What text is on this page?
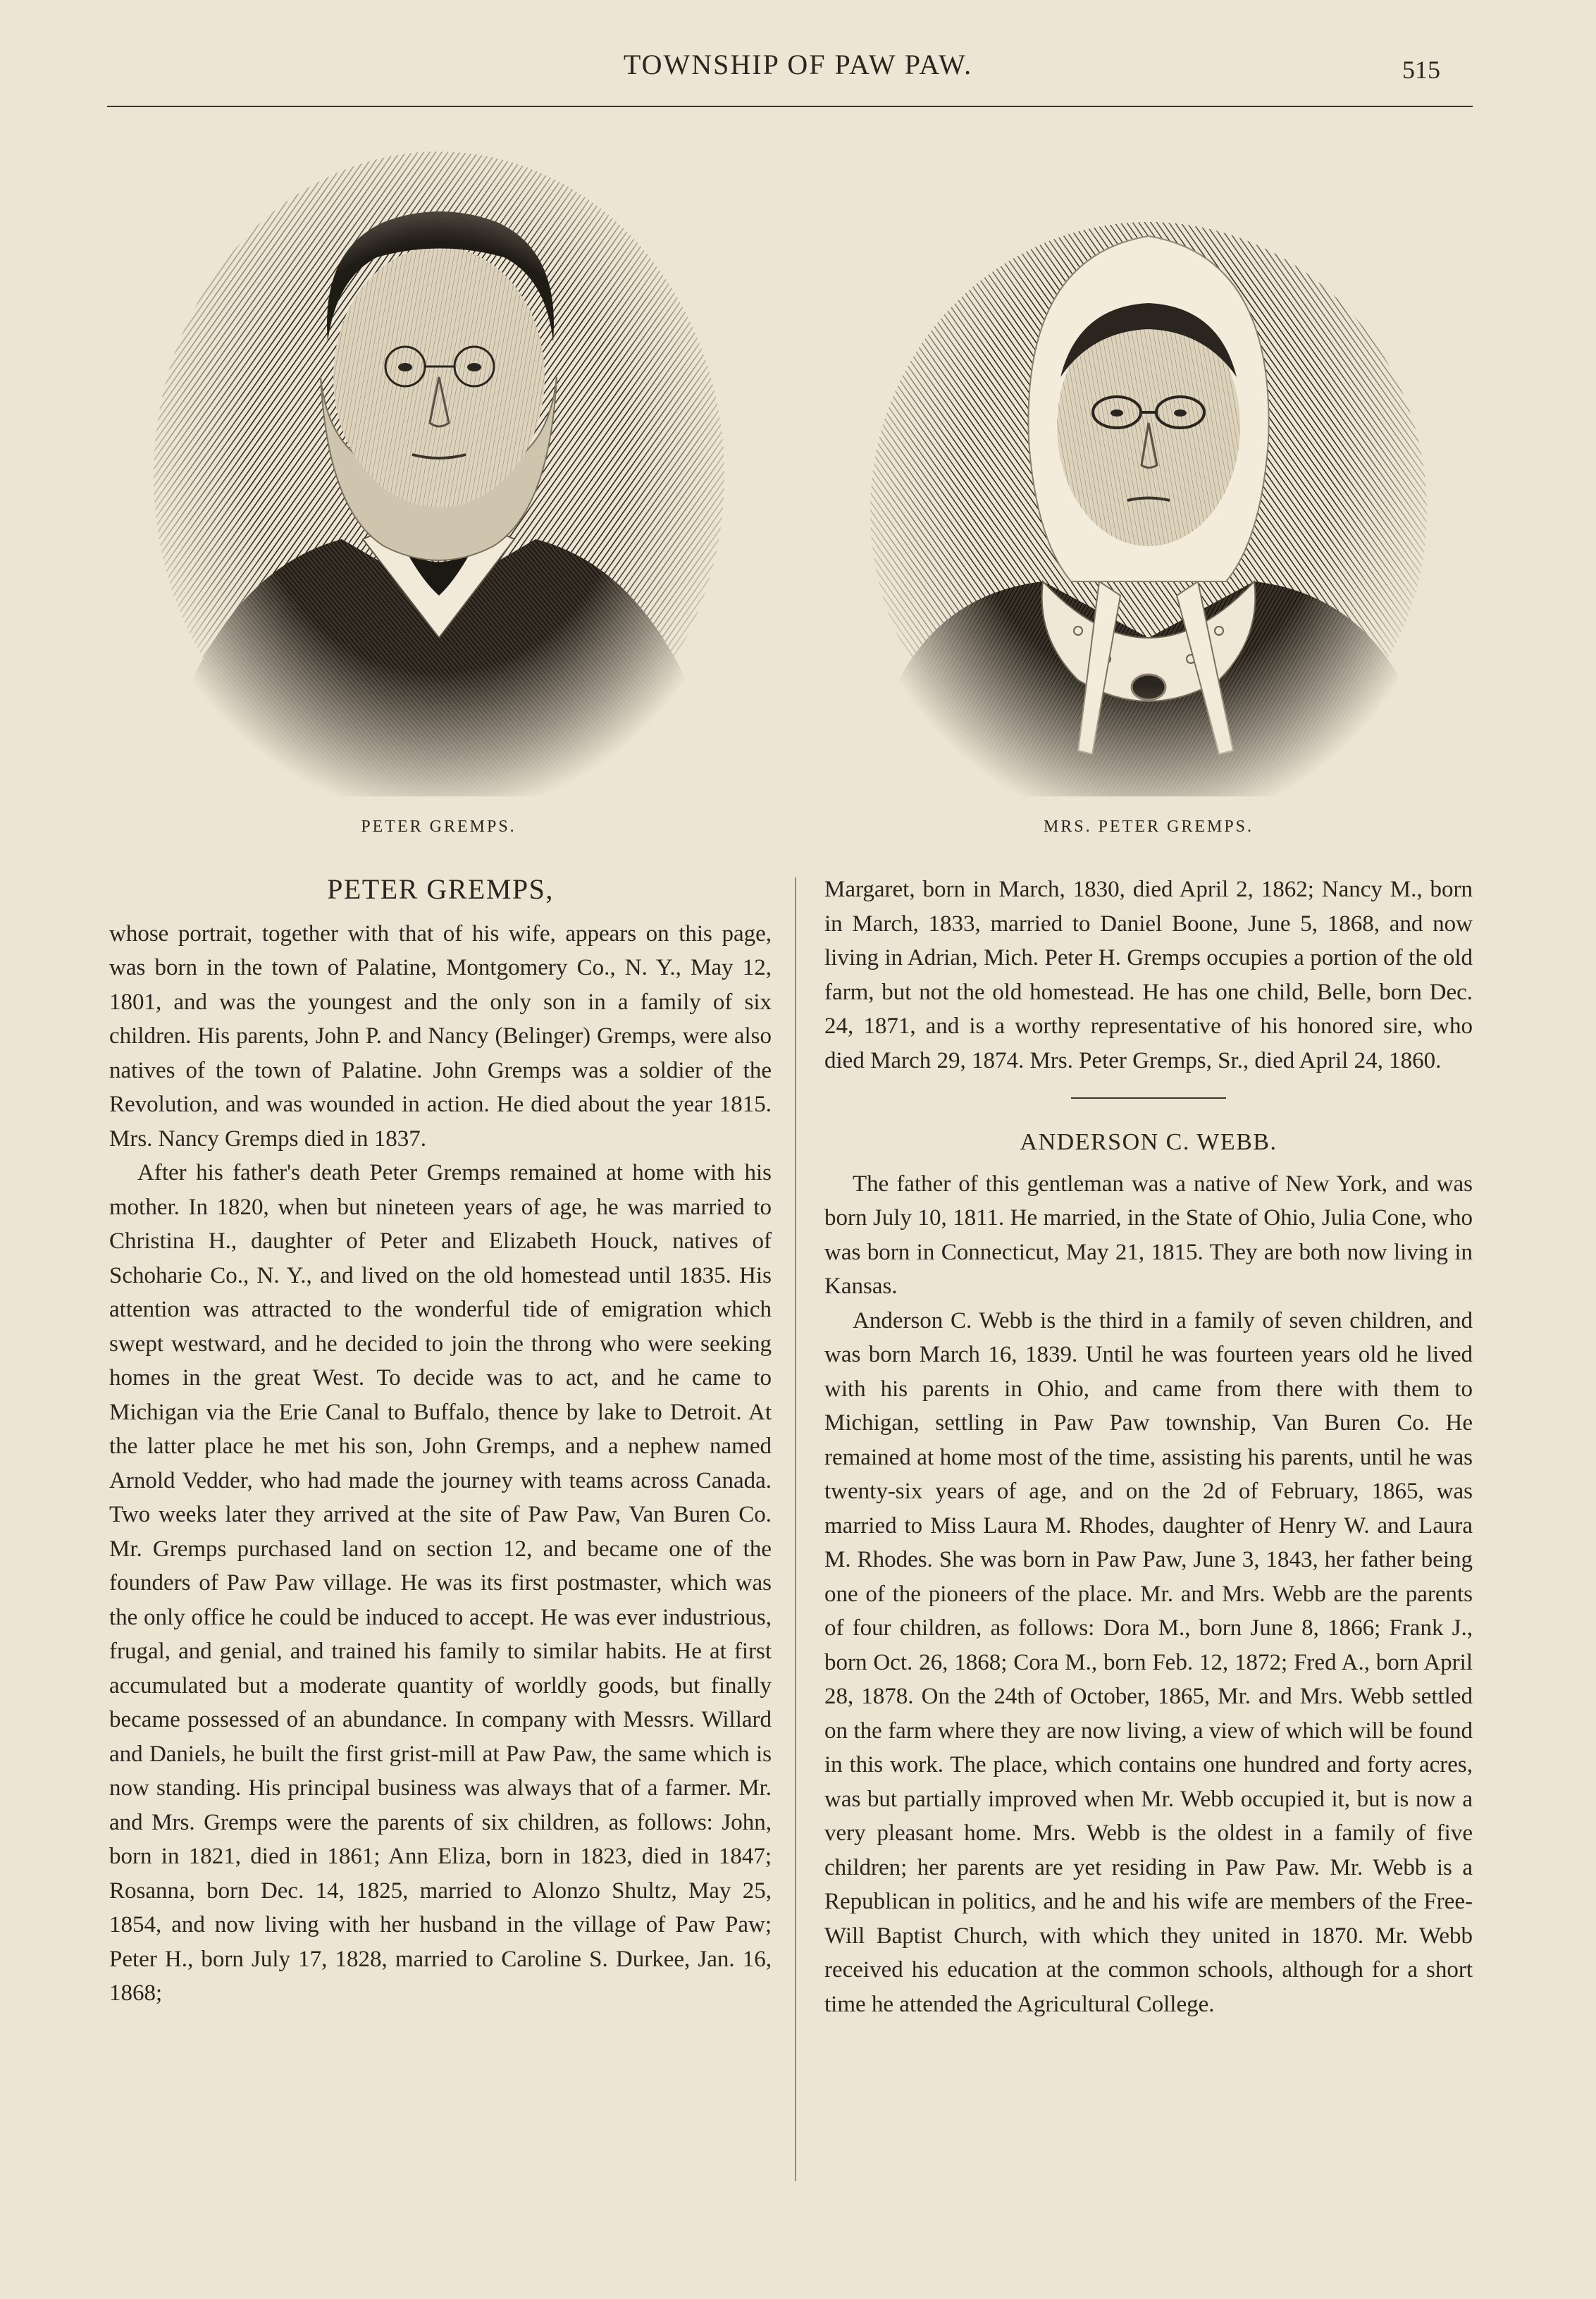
TOWNSHIP OF PAW PAW.	515
PETER GREMPS.	MRS. PETER GREMPS.
PETER GREMPS,

whose portrait, together with that of his wife, appears on this page, was born in the town of Palatine, Montgomery Co., N. Y., May 12, 1801, and was the youngest and the only son in a family of six children. His parents, John P. and Nancy (Belinger) Gremps, were also natives of the town of Palatine. John Gremps was a soldier of the Revolution, and was wounded in action. He died about the year 1815. Mrs. Nancy Gremps died in 1837.

After his father's death Peter Gremps remained at home with his mother. In 1820, when but nineteen years of age, he was married to Christina H., daughter of Peter and Elizabeth Houck, natives of Schoharie Co., N. Y., and lived on the old homestead until 1835. His attention was attracted to the wonderful tide of emigration which swept westward, and he decided to join the throng who were seeking homes in the great West. To decide was to act, and he came to Michigan via the Erie Canal to Buffalo, thence by lake to Detroit. At the latter place he met his son, John Gremps, and a nephew named Arnold Vedder, who had made the journey with teams across Canada. Two weeks later they arrived at the site of Paw Paw, Van Buren Co. Mr. Gremps purchased land on section 12, and became one of the founders of Paw Paw village. He was its first postmaster, which was the only office he could be induced to accept. He was ever industrious, frugal, and genial, and trained his family to similar habits. He at first accumulated but a moderate quantity of worldly goods, but finally became possessed of an abundance. In company with Messrs. Willard and Daniels, he built the first grist-mill at Paw Paw, the same which is now standing. His principal business was always that of a farmer. Mr. and Mrs. Gremps were the parents of six children, as follows: John, born in 1821, died in 1861; Ann Eliza, born in 1823, died in 1847; Rosanna, born Dec. 14, 1825, married to Alonzo Shultz, May 25, 1854, and now living with her husband in the village of Paw Paw; Peter H., born July 17, 1828, married to Caroline S. Durkee, Jan. 16, 1868;

Margaret, born in March, 1830, died April 2, 1862; Nancy M., born in March, 1833, married to Daniel Boone, June 5, 1868, and now living in Adrian, Mich. Peter H. Gremps occupies a portion of the old farm, but not the old homestead. He has one child, Belle, born Dec. 24, 1871, and is a worthy representative of his honored sire, who died March 29, 1874. Mrs. Peter Gremps, Sr., died April 24, 1860.

ANDERSON C. WEBB.

The father of this gentleman was a native of New York, and was born July 10, 1811. He married, in the State of Ohio, Julia Cone, who was born in Connecticut, May 21, 1815. They are both now living in Kansas.

Anderson C. Webb is the third in a family of seven children, and was born March 16, 1839. Until he was fourteen years old he lived with his parents in Ohio, and came from there with them to Michigan, settling in Paw Paw township, Van Buren Co. He remained at home most of the time, assisting his parents, until he was twenty-six years of age, and on the 2d of February, 1865, was married to Miss Laura M. Rhodes, daughter of Henry W. and Laura M. Rhodes. She was born in Paw Paw, June 3, 1843, her father being one of the pioneers of the place. Mr. and Mrs. Webb are the parents of four children, as follows: Dora M., born June 8, 1866; Frank J., born Oct. 26, 1868; Cora M., born Feb. 12, 1872; Fred A., born April 28, 1878. On the 24th of October, 1865, Mr. and Mrs. Webb settled on the farm where they are now living, a view of which will be found in this work. The place, which contains one hundred and forty acres, was but partially improved when Mr. Webb occupied it, but is now a very pleasant home. Mrs. Webb is the oldest in a family of five children; her parents are yet residing in Paw Paw. Mr. Webb is a Republican in politics, and he and his wife are members of the Free-Will Baptist Church, with which they united in 1870. Mr. Webb received his education at the common schools, although for a short time he attended the Agricultural College.
